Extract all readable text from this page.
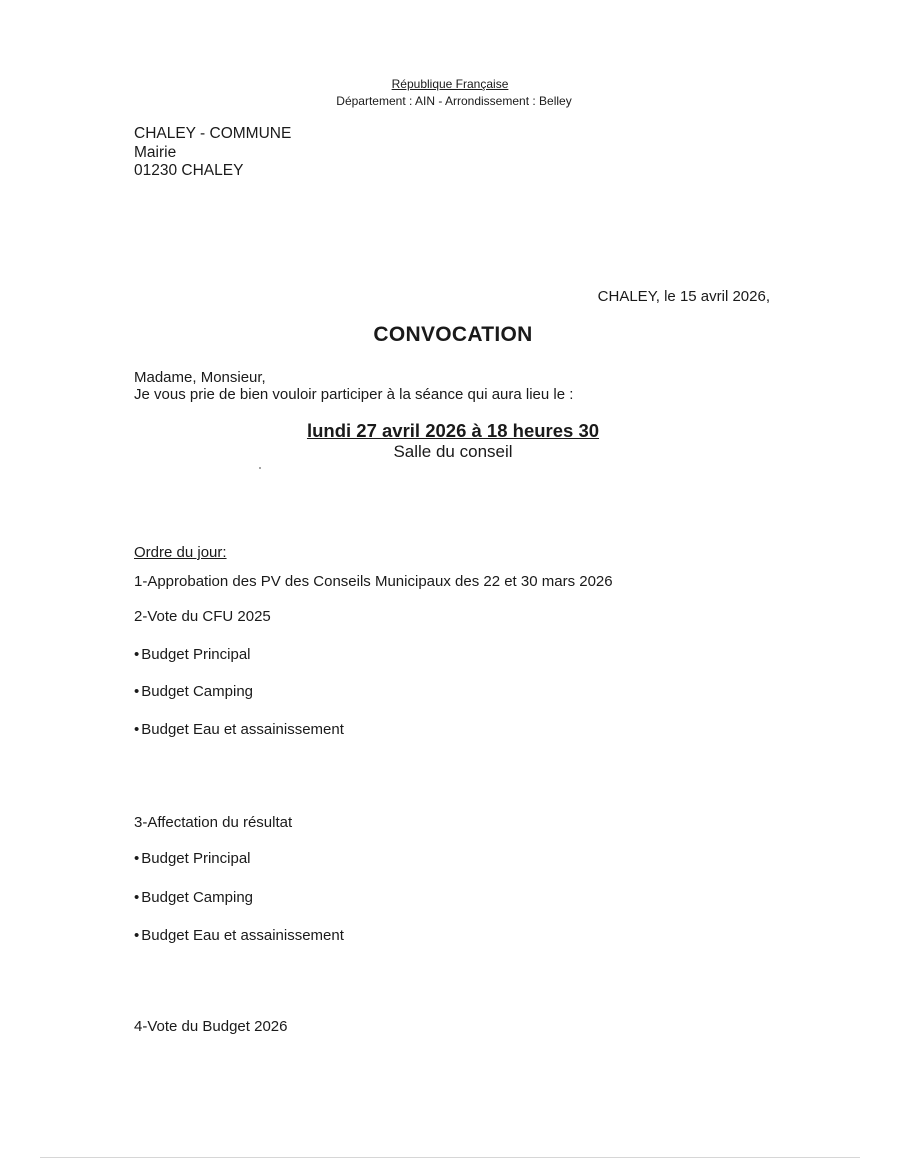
République Française
Département : AIN - Arrondissement : Belley
CHALEY - COMMUNE
Mairie
01230 CHALEY
CHALEY, le 15 avril 2026,
CONVOCATION
Madame, Monsieur,
Je vous prie de bien vouloir participer à la séance qui aura lieu le :
lundi 27 avril 2026 à 18 heures 30
Salle du conseil
Ordre du jour:
1-Approbation des PV des Conseils Municipaux des 22 et 30 mars 2026
2-Vote du CFU 2025
• Budget Principal
• Budget Camping
• Budget Eau et assainissement
3-Affectation du résultat
• Budget Principal
• Budget Camping
• Budget Eau et assainissement
4-Vote du Budget 2026
